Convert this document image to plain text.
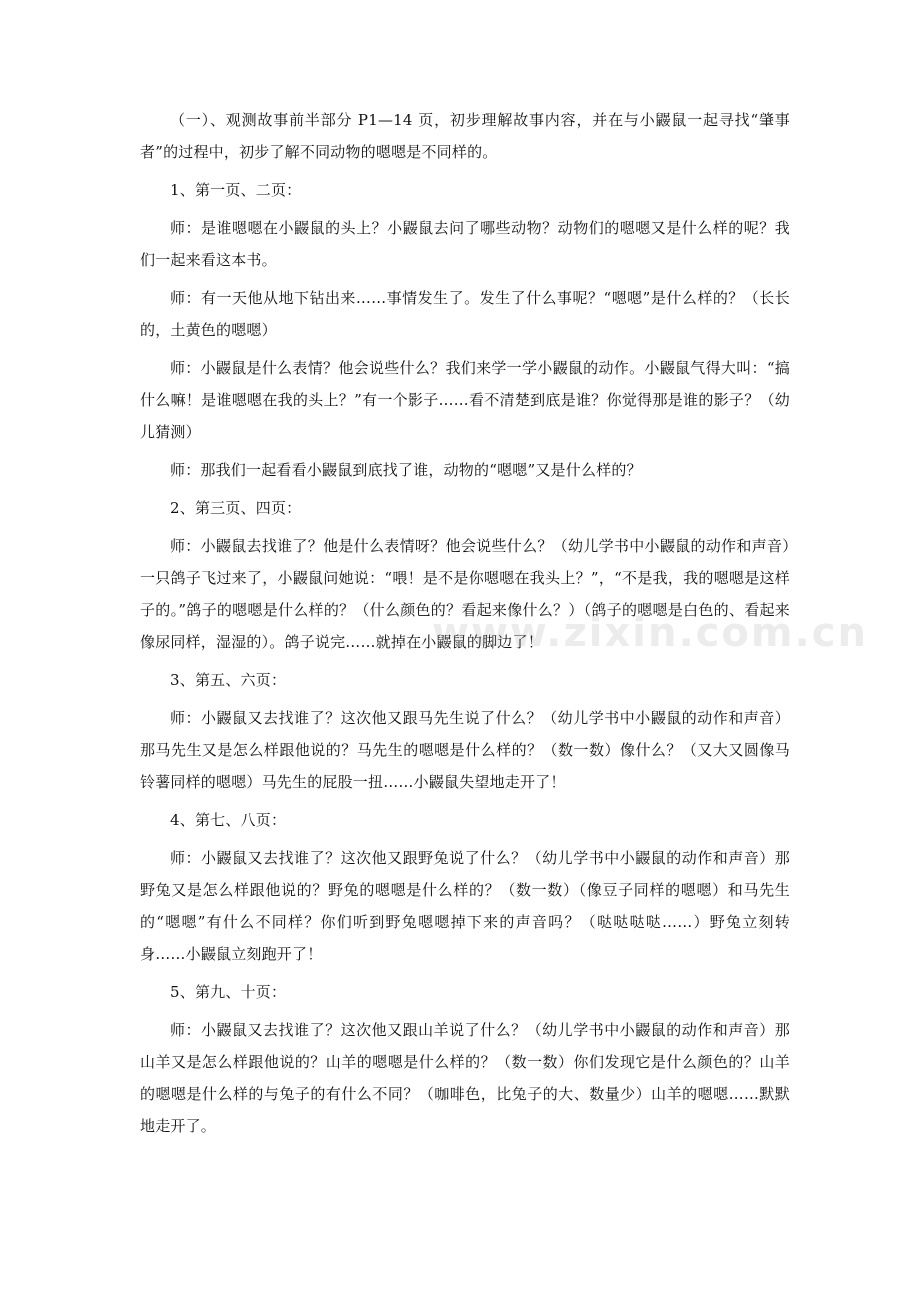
（一）、观测故事前半部分 P1—14 页，初步理解故事内容，并在与小鼹鼠一起寻找“肇事者”的过程中，初步了解不同动物的嗯嗯是不同样的。

1、第一页、二页：

师：是谁嗯嗯在小鼹鼠的头上？小鼹鼠去问了哪些动物？动物们的嗯嗯又是什么样的呢？我们一起来看这本书。

师：有一天他从地下钻出来……事情发生了。发生了什么事呢？“嗯嗯”是什么样的？（长长的，土黄色的嗯嗯）

师：小鼹鼠是什么表情？他会说些什么？我们来学一学小鼹鼠的动作。小鼹鼠气得大叫：“搞什么嘛！是谁嗯嗯在我的头上？”有一个影子……看不清楚到底是谁？你觉得那是谁的影子？（幼儿猜测）

师：那我们一起看看小鼹鼠到底找了谁，动物的“嗯嗯”又是什么样的？

2、第三页、四页：

师：小鼹鼠去找谁了？他是什么表情呀？他会说些什么？（幼儿学书中小鼹鼠的动作和声音）一只鸽子飞过来了，小鼹鼠问她说：“喂！是不是你嗯嗯在我头上？”，“不是我，我的嗯嗯是这样子的。”鸽子的嗯嗯是什么样的？（什么颜色的？看起来像什么？）（鸽子的嗯嗯是白色的、看起来像尿同样，湿湿的）。鸽子说完……就掉在小鼹鼠的脚边了！

3、第五、六页：

师：小鼹鼠又去找谁了？这次他又跟马先生说了什么？（幼儿学书中小鼹鼠的动作和声音）那马先生又是怎么样跟他说的？马先生的嗯嗯是什么样的？（数一数）像什么？（又大又圆像马铃薯同样的嗯嗯）马先生的屁股一扭……小鼹鼠失望地走开了！

4、第七、八页：

师：小鼹鼠又去找谁了？这次他又跟野兔说了什么？（幼儿学书中小鼹鼠的动作和声音）那野兔又是怎么样跟他说的？野兔的嗯嗯是什么样的？（数一数）（像豆子同样的嗯嗯）和马先生的“嗯嗯”有什么不同样？你们听到野兔嗯嗯掉下来的声音吗？（哒哒哒哒……）野兔立刻转身……小鼹鼠立刻跑开了！

5、第九、十页：

师：小鼹鼠又去找谁了？这次他又跟山羊说了什么？（幼儿学书中小鼹鼠的动作和声音）那山羊又是怎么样跟他说的？山羊的嗯嗯是什么样的？（数一数）你们发现它是什么颜色的？山羊的嗯嗯是什么样的与兔子的有什么不同？（咖啡色，比兔子的大、数量少）山羊的嗯嗯……默默地走开了。

www.zixin.com.cn
